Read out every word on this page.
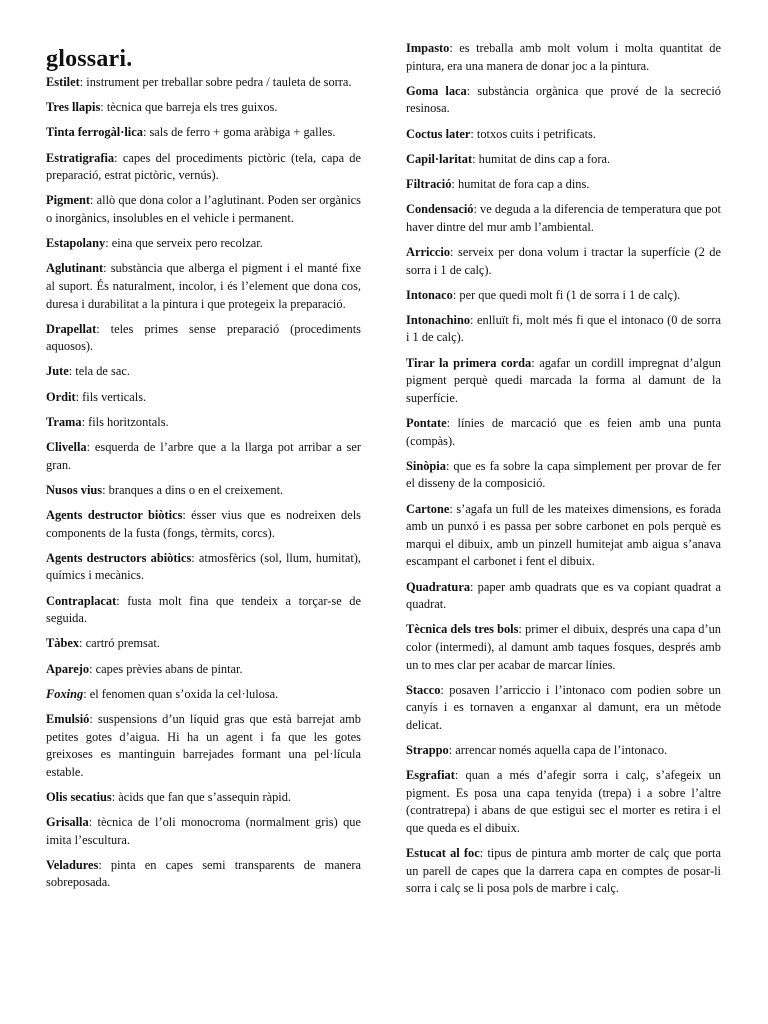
glossari.

Estilet: instrument per treballar sobre pedra / tauleta de sorra.

Tres llapis: tècnica que barreja els tres guixos.

Tinta ferrogàl·lica: sals de ferro + goma aràbiga + galles.

Estratigrafia: capes del procediments pictòric (tela, capa de preparació, estrat pictòric, vernús).

Pigment: allò que dona color a l’aglutinant. Poden ser orgànics o inorgànics, insolubles en el vehicle i permanent.

Estapolany: eina que serveix pero recolzar.

Aglutinant: substància que alberga el pigment i el manté fixe al suport. És naturalment, incolor, i és l’element que dona cos, duresa i durabilitat a la pintura i que protegeix la preparació.

Drapellat: teles primes sense preparació (procediments aquosos).

Jute: tela de sac.

Ordit: fils verticals.

Trama: fils horitzontals.

Clivella: esquerda de l’arbre que a la llarga pot arribar a ser gran.

Nusos vius: branques a dins o en el creixement.

Agents destructor biòtics: ésser vius que es nodreixen dels components de la fusta (fongs, tèrmits, corcs).

Agents destructors abiòtics: atmosfèrics (sol, llum, humitat), químics i mecànics.

Contraplacat: fusta molt fina que tendeix a torçar-se de seguida.

Tàbex: cartró premsat.

Aparejo: capes prèvies abans de pintar.

Foxing: el fenomen quan s’oxida la cel·lulosa.

Emulsió: suspensions d’un líquid gras que està barrejat amb petites gotes d’aigua. Hi ha un agent i fa que les gotes greixoses es mantinguin barrejades formant una pel·lícula estable.

Olis secatius: àcids que fan que s’assequin ràpid.

Grisalla: tècnica de l’oli monocroma (normalment gris) que imita l’escultura.

Veladures: pinta en capes semi transparents de manera sobreposada.

Impasto: es treballa amb molt volum i molta quantitat de pintura, era una manera de donar joc a la pintura.

Goma laca: substància orgànica que prové de la secreció resinosa.

Coctus later: totxos cuits i petrificats.

Capil·laritat: humitat de dins cap a fora.

Filtració: humitat de fora cap a dins.

Condensació: ve deguda a la diferencia de temperatura que pot haver dintre del mur amb l’ambiental.

Arriccio: serveix per dona volum i tractar la superfície (2 de sorra i 1 de calç).

Intonaco: per que quedi molt fi (1 de sorra i 1 de calç).

Intonachino: enlluït fi, molt més fi que el intonaco (0 de sorra i 1 de calç).

Tirar la primera corda: agafar un cordill impregnat d’algun pigment perquè quedi marcada la forma al damunt de la superfície.

Pontate: línies de marcació que es feien amb una punta (compàs).

Sinòpia: que es fa sobre la capa simplement per provar de fer el disseny de la composició.

Cartone: s’agafa un full de les mateixes dimensions, es forada amb un punxó i es passa per sobre carbonet en pols perquè es marqui el dibuix, amb un pinzell humitejat amb aigua s’anava escampant el carbonet i fent el dibuix.

Quadratura: paper amb quadrats que es va copiant quadrat a quadrat.

Tècnica dels tres bols: primer el dibuix, després una capa d’un color (intermedi), al damunt amb taques fosques, després amb un to mes clar per acabar de marcar línies.

Stacco: posaven l’arriccio i l’intonaco com podien sobre un canyís i es tornaven a enganxar al damunt, era un mètode delicat.

Strappo: arrencar només aquella capa de l’intonaco.

Esgrafiat: quan a més d’afegir sorra i calç, s’afegeix un pigment. Es posa una capa tenyida (trepa) i a sobre l’altre (contratrepa) i abans de que estigui sec el morter es retira i el que queda es el dibuix.

Estucat al foc: tipus de pintura amb morter de calç que porta un parell de capes que la darrera capa en comptes de posar-li sorra i calç se li posa pols de marbre i calç.
